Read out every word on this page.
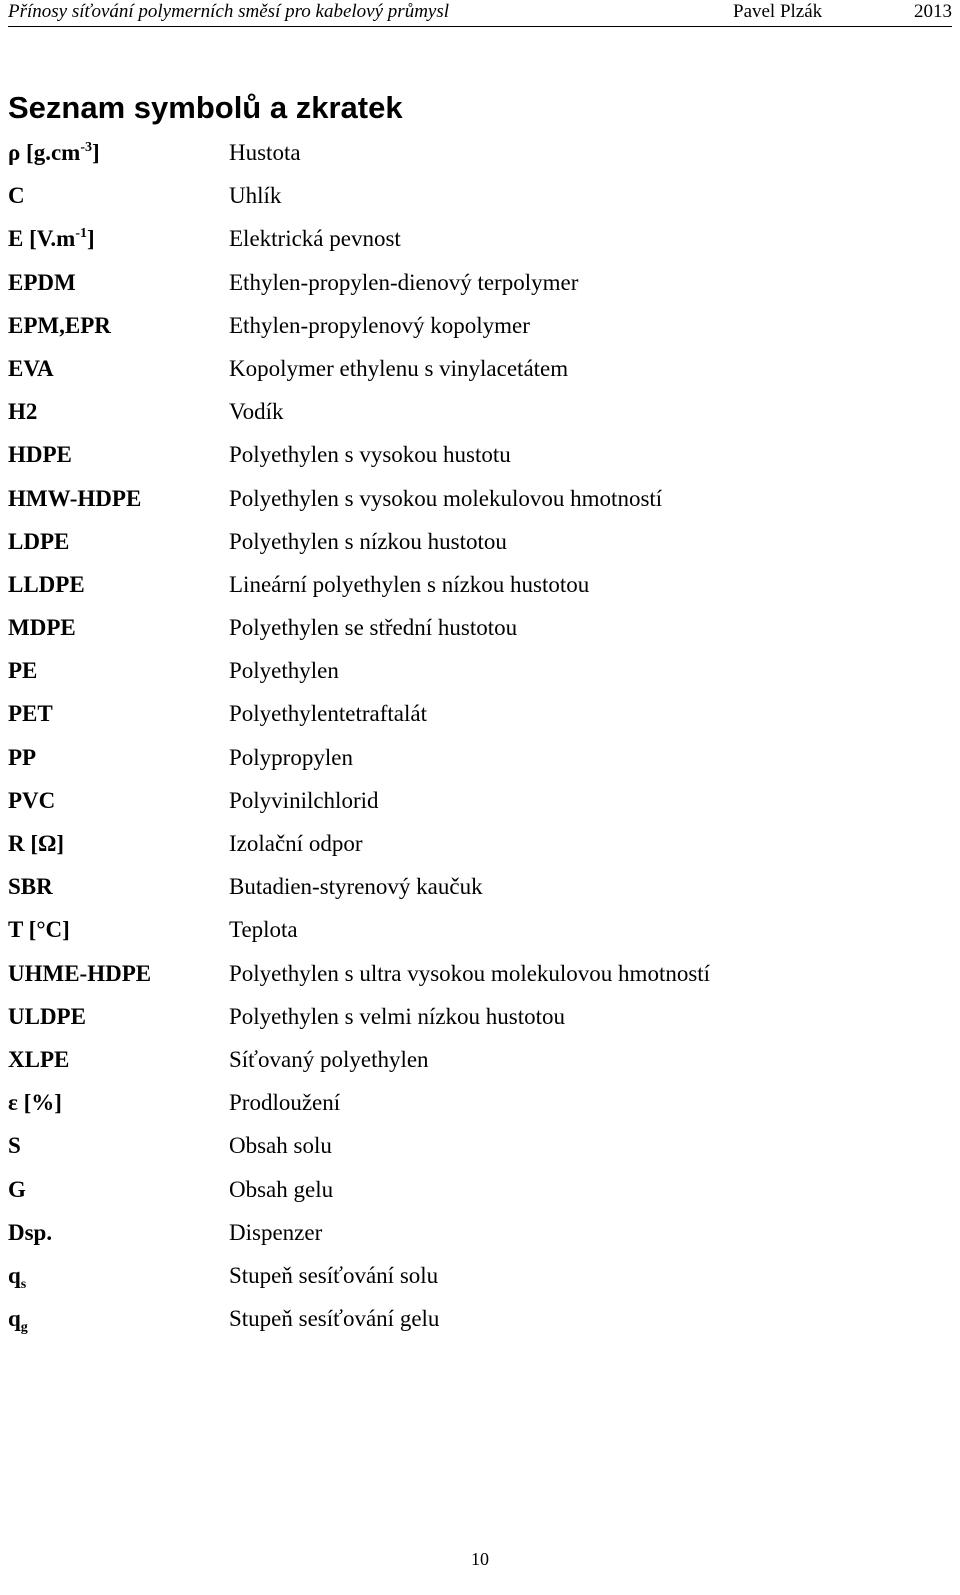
Přínosy síťování polymerních směsí pro kabelový průmysl	Pavel Plzák	2013
Seznam symbolů a zkratek
ρ $[g.cm^{-3}]$	Hustota
C	Uhlík
E $[V.m^{-1}]$	Elektrická pevnost
EPDM	Ethylen-propylen-dienový terpolymer
EPM,EPR	Ethylen-propylenový kopolymer
EVA	Kopolymer ethylenu s vinylacetátem
H2	Vodík
HDPE	Polyethylen s vysokou hustotu
HMW-HDPE	Polyethylen s vysokou molekulovou hmotností
LDPE	Polyethylen s nízkou hustotou
LLDPE	Lineární polyethylen s nízkou hustotou
MDPE	Polyethylen se střední hustotou
PE	Polyethylen
PET	Polyethylentetraftalát
PP	Polypropylen
PVC	Polyvinilchlorid
R [Ω]	Izolační odpor
SBR	Butadien-styrenový kaučuk
T [°C]	Teplota
UHME-HDPE	Polyethylen s ultra vysokou molekulovou hmotností
ULDPE	Polyethylen s velmi nízkou hustotou
XLPE	Síťovaný polyethylen
ε [%]	Prodloužení
S	Obsah solu
G	Obsah gelu
Dsp.	Dispenzer
$q_s$	Stupeň sesíťování solu
$q_g$	Stupeň sesíťování gelu
10
